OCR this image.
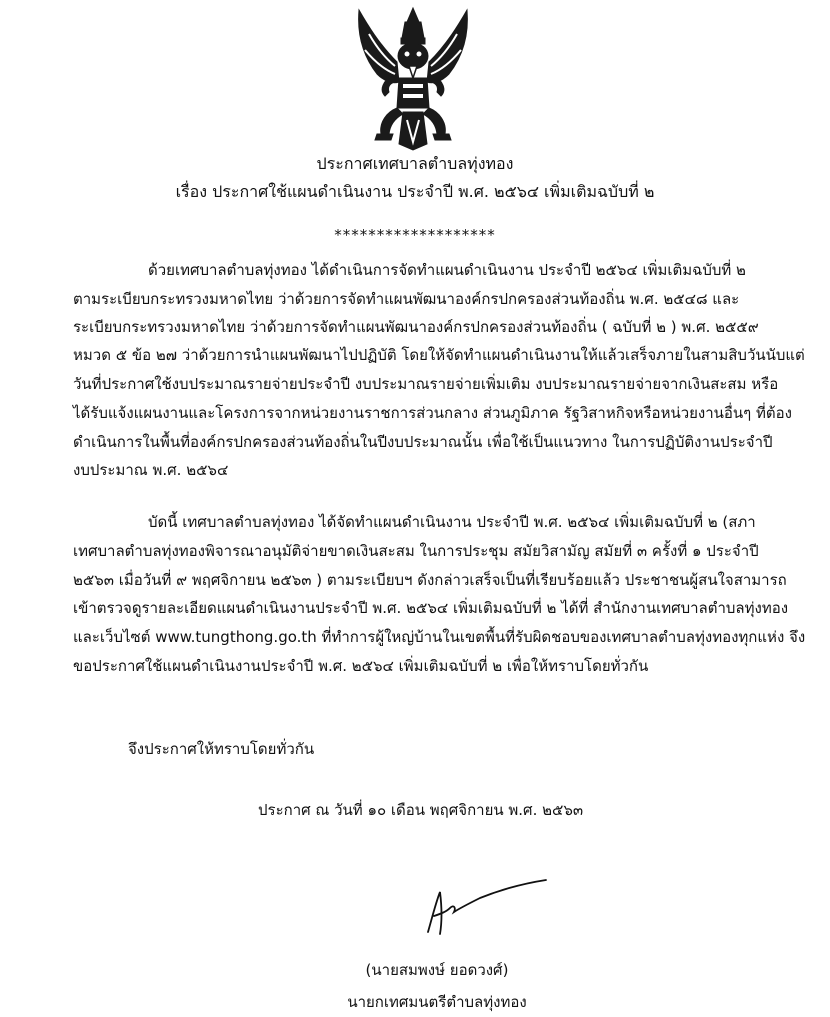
ประกาศเทศบาลตำบลทุ่งทอง
เรื่อง ประกาศใช้แผนดำเนินงาน ประจำปี พ.ศ. ๒๕๖๔ เพิ่มเติมฉบับที่ ๒
*******************
ด้วยเทศบาลตำบลทุ่งทอง ได้ดำเนินการจัดทำแผนดำเนินงาน ประจำปี ๒๕๖๔ เพิ่มเติมฉบับที่ ๒
ตามระเบียบกระทรวงมหาดไทย ว่าด้วยการจัดทำแผนพัฒนาองค์กรปกครองส่วนท้องถิ่น พ.ศ. ๒๕๔๘ และ
ระเบียบกระทรวงมหาดไทย ว่าด้วยการจัดทำแผนพัฒนาองค์กรปกครองส่วนท้องถิ่น ( ฉบับที่ ๒ ) พ.ศ. ๒๕๕๙
หมวด ๕ ข้อ ๒๗ ว่าด้วยการนำแผนพัฒนาไปปฏิบัติ โดยให้จัดทำแผนดำเนินงานให้แล้วเสร็จภายในสามสิบวันนับแต่
วันที่ประกาศใช้งบประมาณรายจ่ายประจำปี งบประมาณรายจ่ายเพิ่มเติม งบประมาณรายจ่ายจากเงินสะสม หรือ
ได้รับแจ้งแผนงานและโครงการจากหน่วยงานราชการส่วนกลาง ส่วนภูมิภาค รัฐวิสาหกิจหรือหน่วยงานอื่นๆ ที่ต้อง
ดำเนินการในพื้นที่องค์กรปกครองส่วนท้องถิ่นในปีงบประมาณนั้น เพื่อใช้เป็นแนวทาง ในการปฏิบัติงานประจำปี
งบประมาณ พ.ศ. ๒๕๖๔
บัดนี้ เทศบาลตำบลทุ่งทอง ได้จัดทำแผนดำเนินงาน ประจำปี พ.ศ. ๒๕๖๔ เพิ่มเติมฉบับที่ ๒ (สภา
เทศบาลตำบลทุ่งทองพิจารณาอนุมัติจ่ายขาดเงินสะสม ในการประชุม สมัยวิสามัญ สมัยที่ ๓ ครั้งที่ ๑ ประจำปี
๒๕๖๓ เมื่อวันที่ ๙ พฤศจิกายน ๒๕๖๓ ) ตามระเบียบฯ ดังกล่าวเสร็จเป็นที่เรียบร้อยแล้ว ประชาชนผู้สนใจสามารถ
เข้าตรวจดูรายละเอียดแผนดำเนินงานประจำปี พ.ศ. ๒๕๖๔ เพิ่มเติมฉบับที่ ๒ ได้ที่ สำนักงานเทศบาลตำบลทุ่งทอง
และเว็บไซต์ www.tungthong.go.th ที่ทำการผู้ใหญ่บ้านในเขตพื้นที่รับผิดชอบของเทศบาลตำบลทุ่งทองทุกแห่ง จึง
ขอประกาศใช้แผนดำเนินงานประจำปี พ.ศ. ๒๕๖๔ เพิ่มเติมฉบับที่ ๒ เพื่อให้ทราบโดยทั่วกัน
จึงประกาศให้ทราบโดยทั่วกัน
ประกาศ ณ วันที่ ๑๐ เดือน พฤศจิกายน พ.ศ. ๒๕๖๓
(นายสมพงษ์ ยอดวงศ์)
นายกเทศมนตรีตำบลทุ่งทอง
